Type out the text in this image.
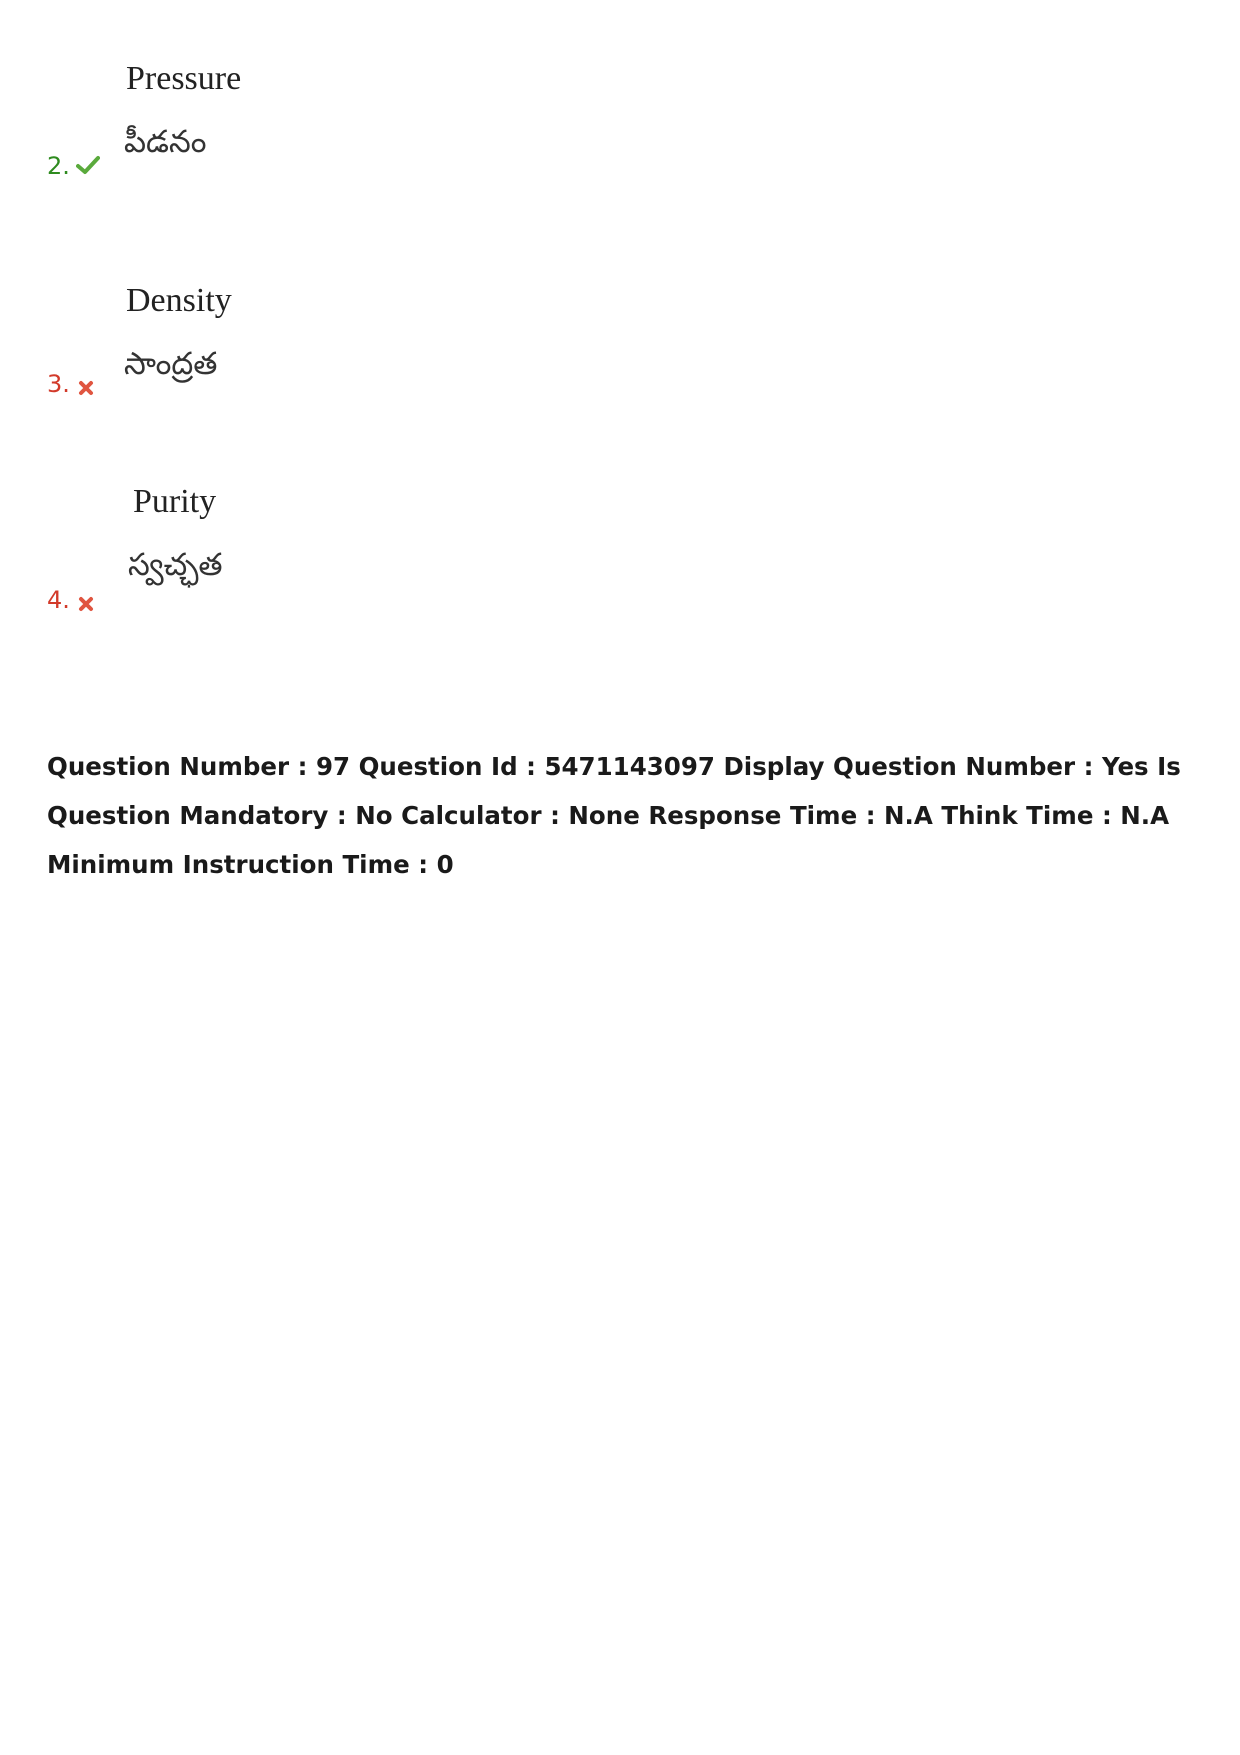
Pressure
పీడనం
2.
Density
సాంద్రత
3.
Purity
స్వచ్ఛత
4.
Question Number : 97 Question Id : 5471143097 Display Question Number : Yes Is Question Mandatory : No Calculator : None Response Time : N.A Think Time : N.A Minimum Instruction Time : 0
